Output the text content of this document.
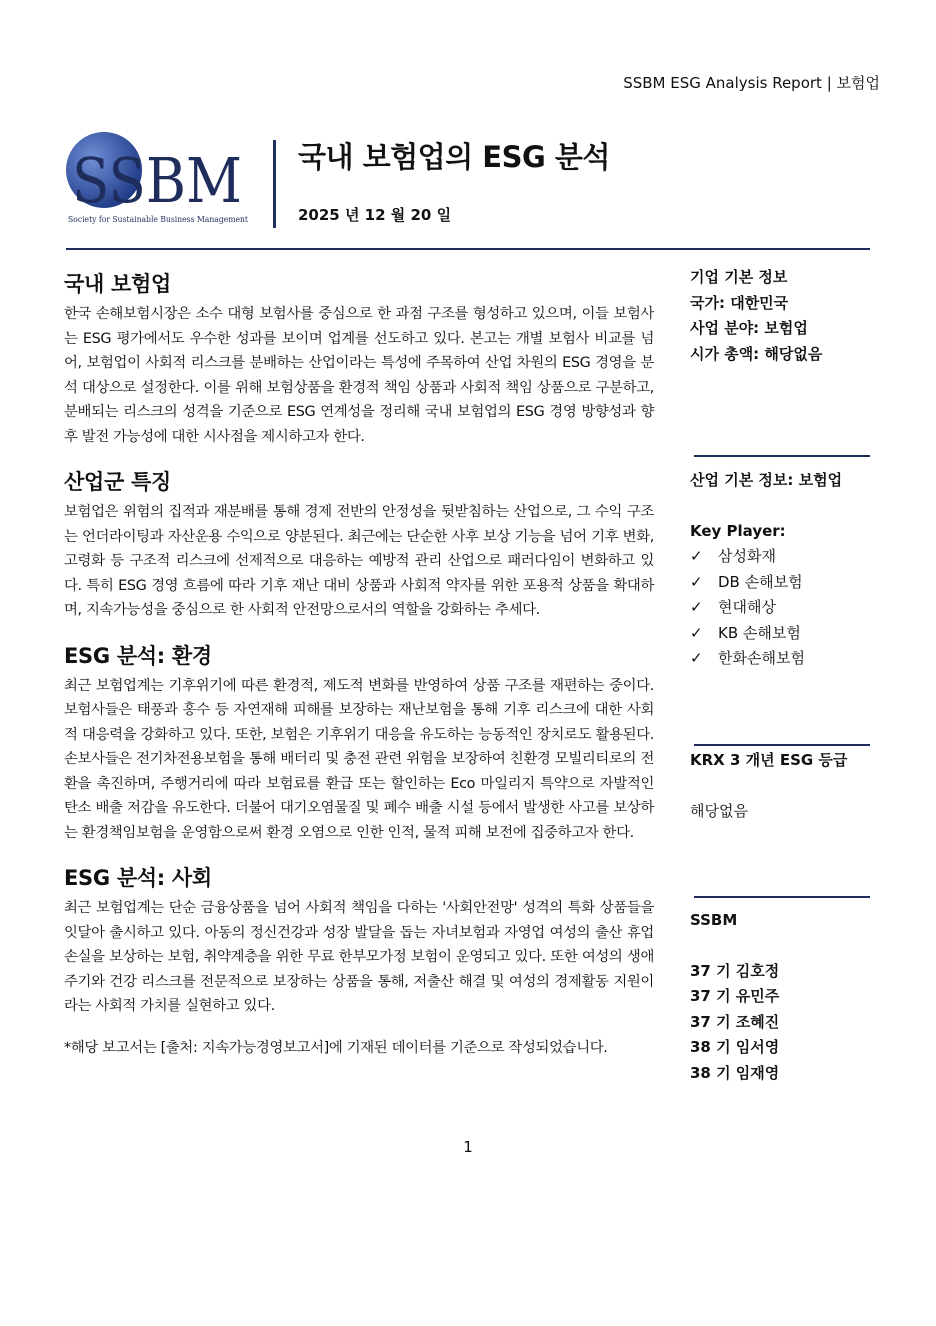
SSBM ESG Analysis Report | 보험업
SSBM
Society for Sustainable Business Management
국내 보험업의 ESG 분석
2025 년 12 월 20 일
국내 보험업

한국 손해보험시장은 소수 대형 보험사를 중심으로 한 과점 구조를 형성하고 있으며, 이들 보험사는 ESG 평가에서도 우수한 성과를 보이며 업계를 선도하고 있다. 본고는 개별 보험사 비교를 넘어, 보험업이 사회적 리스크를 분배하는 산업이라는 특성에 주목하여 산업 차원의 ESG 경영을 분석 대상으로 설정한다. 이를 위해 보험상품을 환경적 책임 상품과 사회적 책임 상품으로 구분하고, 분배되는 리스크의 성격을 기준으로 ESG 연계성을 정리해 국내 보험업의 ESG 경영 방향성과 향후 발전 가능성에 대한 시사점을 제시하고자 한다.

산업군 특징

보험업은 위험의 집적과 재분배를 통해 경제 전반의 안정성을 뒷받침하는 산업으로, 그 수익 구조는 언더라이팅과 자산운용 수익으로 양분된다. 최근에는 단순한 사후 보상 기능을 넘어 기후 변화, 고령화 등 구조적 리스크에 선제적으로 대응하는 예방적 관리 산업으로 패러다임이 변화하고 있다. 특히 ESG 경영 흐름에 따라 기후 재난 대비 상품과 사회적 약자를 위한 포용적 상품을 확대하며, 지속가능성을 중심으로 한 사회적 안전망으로서의 역할을 강화하는 추세다.

ESG 분석: 환경

최근 보험업계는 기후위기에 따른 환경적, 제도적 변화를 반영하여 상품 구조를 재편하는 중이다. 보험사들은 태풍과 홍수 등 자연재해 피해를 보장하는 재난보험을 통해 기후 리스크에 대한 사회적 대응력을 강화하고 있다. 또한, 보험은 기후위기 대응을 유도하는 능동적인 장치로도 활용된다. 손보사들은 전기차전용보험을 통해 배터리 및 충전 관련 위험을 보장하여 친환경 모빌리티로의 전환을 촉진하며, 주행거리에 따라 보험료를 환급 또는 할인하는 Eco 마일리지 특약으로 자발적인 탄소 배출 저감을 유도한다. 더불어 대기오염물질 및 폐수 배출 시설 등에서 발생한 사고를 보상하는 환경책임보험을 운영함으로써 환경 오염으로 인한 인적, 물적 피해 보전에 집중하고자 한다.

ESG 분석: 사회

최근 보험업계는 단순 금융상품을 넘어 사회적 책임을 다하는 '사회안전망' 성격의 특화 상품들을 잇달아 출시하고 있다. 아동의 정신건강과 성장 발달을 돕는 자녀보험과 자영업 여성의 출산 휴업 손실을 보상하는 보험, 취약계층을 위한 무료 한부모가정 보험이 운영되고 있다. 또한 여성의 생애주기와 건강 리스크를 전문적으로 보장하는 상품을 통해, 저출산 해결 및 여성의 경제활동 지원이라는 사회적 가치를 실현하고 있다.

*해당 보고서는 [출처: 지속가능경영보고서]에 기재된 데이터를 기준으로 작성되었습니다.
1
기업 기본 정보
국가: 대한민국
사업 분야: 보험업
시가 총액: 해당없음
산업 기본 정보: 보험업
Key Player:
✓ 삼성화재
✓ DB 손해보험
✓ 현대해상
✓ KB 손해보험
✓ 한화손해보험
KRX 3 개년 ESG 등급
해당없음
SSBM
37 기 김호정
37 기 유민주
37 기 조혜진
38 기 임서영
38 기 임재영
